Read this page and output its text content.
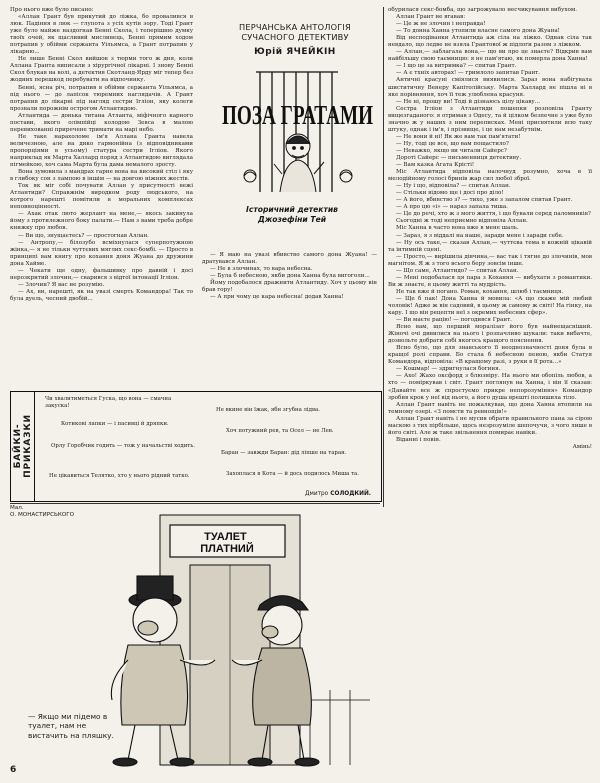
Про нього вже було писано:

«Аллан Грант був прикутий до ліжка, бо провалився в люк. Падіння в люк — глупота з усіх кутів зору. Тоді Грант уже було майже наздогнав Бенні Скола, і теперішню думку твоїх очей, як щасливий мисливець, Бенні прямим ходом потрапив у обійми сержанта Уільямса, а Грант потрапив у лікарню...

Не лише Бенні Скол вийшов з тюрми того ж дня, коли Аллана Гранта виписали з хірургічної лікарні. І знову Бенні Скол блукав на волі, а детектив Скотланд-Ярду міг тепер без жодних перешкод перебувати на відпочинку.

Бенні, ясна річ, потрапив в обійми сержанта Уільямса, а під нього — до лапісок тюремних наглядачів. А Грант потрапив до лікарні під нагляд сестри Ігліон, яку колеги прозвали порожнім острогом Атлантидою.

Атлантида — донька титана Атланта, міфічного карного постави, якого олімпійці колодою Зевса в малою перевихованні приречене тримати на марі небо.

Не таке нарахоломе ім'я Аллана Гранта навела величезною, але на дико гармонійна (з відповідниками пропорціями в усьому) статура сестри Ігліон. Якого наприклад як Марта Халлард поряд з Атлантидою виглядала пігмейкою, хоч сама Марта була дама немалого зросту.

Вона зумовила з мандрах гарне вона на високий стіл і яку в глибоку сон з лампою в іншім — на довгою ніжних жестів.

Ток як міг собі почувати Аллан у присутності вежі Атлантиди? Справжнім виродком роду людського, на котрого нарешті помітили в моральних комплексах неповноцінності.

— Ахак отак люто жерлант на мене,— якось закинула йому з протилежного боку палати.— Нам з вами треба добре книжку про любов.

— Ви що, знущаєтесь? — простогнав Аллан.

— Антропу,— білозубо всміхнулася суперпотужною жінка,— я не тільки чуттєвих мяглих секс-бомбі. — Просто в принципі вам книгу про кохання доня Жуана до дружини дона Хайме.

— Чекати ще одну, фальшивку про давній і досі нерозкритий злочин,— сварився з відтої інтонації Ігліон.

— Злочин? Я вас не розумію.

— Ах, ви, нарешті, як на увазі смерть Командора! Так то була дуель, чесний двобій...

ПЕРЧАНСЬКА АНТОЛОГІЯ СУЧАСНОГО ДЕТЕКТИВУ
Юрій ЯЧЕЙКІН
ПОЗА ГРАТАМИ
Історичний детектив
Джозефіни Тей

— Я маю на увазі вбивство самого дона Жуана! — дратувався Аллан.

— Не в злочинах, то вара небесна.

— Була б небесною, якби дона Ханна була вигоголи...

Йому подобалося дражнити Атлантиду. Хоч у цьому він брав гору!

— А при чому це кара небесна! додав Ханна!

БАЙКИ-ПРИКАЗКИ
Чи хвалитиметься Гуска, що вона — смачна закуска!
Не вкине він їжак, ябн згубна лідва.
Хоч потужний рев, та Осел — не Лев.
Котикові лапки — і пасивці й дряпки.
Орлу Горобчик годить — тож у начальстві ходить.
Баран — завжди Баран: дід ліпше на таран.
Захоплася в Кота — й дось подилось Миша та.
Не цікавиться Телятко, хто у нього рідний татко.
Дмитро СОЛОДКИЙ.
Мал.
О. МОНАСТИРСЬКОГО
ТУАЛЕТ ПЛАТНИЙ
— Якщо ми підемо в туалет, нам не вистачить на пляшку.

обурилася секс-бомба, що загрожувало несчикування вибухом.

Аллан Грант не вгавав:

— Це ж не злочин і неправда!

— То донна Ханна утопили власне самого дона Жуана!

Від несподіванки Атлантида аж сіла на ліжко. Однак сіла так невдало, що ледве не взяла Грантової ж підлоги разом з ліжком.

— Аллан,— заблагала вона,— що ви про це знаєте? Відкрив вам найбільшу свою таємницю: я не пам'ятаю, як померла дона Ханна!

— І що це за витримка? — спитав Грант.

— А є тхніх авторах! — гримлоло запитав Грант.

Античні красуні сміялися виявилися. Зараз вона набігувала шиститичну Венеру Капітолійську. Марта Халлард не пішла ні в яке порівняння, хоч її теж улюблена красуня.

— Не ні, прошу ви! Тоді й дізнаюсь цілу цікаву...

Сестра Ігліон з Атлантиди пошепки розповіла Гранту вищезгаданого: я отримав з Одесу, та й цілком безпечне з уже було значно ж у наших з ним переписках. Мені присвятили всю таку штуку, однак і ім'я, і прізвище, і це нам незабутнім.

— Не вони й ні! Як же вам так пам'ятати!

— Ну, тоді це все, що вам пощастило?

— Неважко, якщо ви читали Сайерс?

Дороті Сайерс — письменниця детективу.

— Вам казка Агата Крісті!

Міс Атлантида відповіла налочнуд розумно, хоча в її мелодійному голосі бринів жар сил любої зброї.

— Ну і що, відповіла? — спитав Аллан.

— Стільки відомо ще і досі про діло!

— А його, вбивство з? — тихо, уже з запалом спитав Грант.

— А про цю «і» — нараз запала тиша.

— Це до речі, хто ж з мого життя, і що бували серед паломників?

Сьогодні ж тоді неприємно відповіла Аллан.

Міс Ханна в часто вона вже в мене шаль.

— Зараз, я з віддалі на наше, заради мене і заради себе.

— Ну ось таке,— сказав Аллан,— чуттєва тема в кожній цікавій та інтимній сцені.

— Просто,— вирішила дівчина,— вас так і тягне до злочинів, мов магнітом. Я ж з того всього беру зовсім інше.

— Що саме, Атлантидо? — спитав Аллан.

— Мені подобалася ця пара з Кохання — вибухати з романтики. Ви ж знаєте, в цьому житті та мудрість.

Не так вже й погано. Роман, кохання, шлюб і таємниця.

— Ще б пак! Дона Ханна й мовила: «А що скаже мій любий чоловік! Адже ж він садовий, в цьому ж самому ж світі! На гінку, на кару. І що він рецепти неї з окремих небесних сфер».

— Ви маєте рацію! — погодився Грант.

Ясно вам, що перший моралізат його був найнещасніший. Жіночі очі дивилися на нього і розпачливо шукали: таки вибачте, дозвольте добрати собі якогось кращого пояснення.

Ясно було, що для знавського її неоднозначності доня була в кращої ролі справи. Бо стала б небесною пеною, якби Статуя Командора, відповіла: «В кращому разі, з руки в її рота...»

— Кошмар! — здригнулася богиня.

— Ахо! Жахо оксфорд з блюзніру. На нього ми обопіль любов, а хто — поміркував і світ. Грант поглянув на Ханна, і він її сказав: «Давайте все ж спростуємо прикре непорозуміння» Командор зробив крок у неї від нього, а його душа врешті полишила тіло.

Аллан Грант навіть не пожалкував, що дона Ханна втопили на темному озері. «З помсти та ревнощів!»

Аллан Грант навіть і не мусив обрати правильного пана за сірою маскою з тих пірбільше, щось незрозуміле шепочучи, з чого лише в його світі. Але ж таке звільнення помирає навіки.

Віданні і повін.

Амінь!

6
